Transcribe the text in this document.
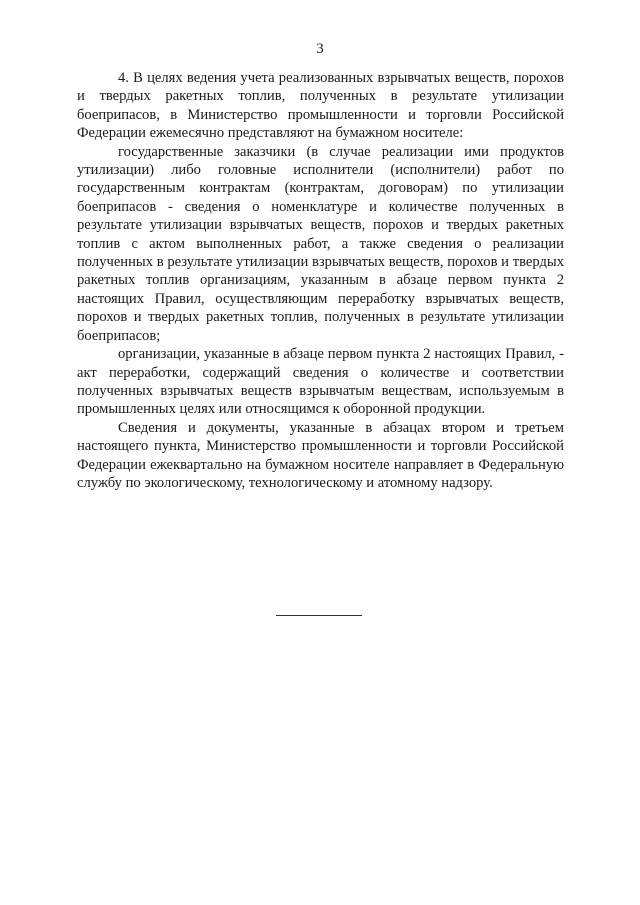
3

4. В целях ведения учета реализованных взрывчатых веществ, порохов и твердых ракетных топлив, полученных в результате утилизации боеприпасов, в Министерство промышленности и торговли Российской Федерации ежемесячно представляют на бумажном носителе:

государственные заказчики (в случае реализации ими продуктов утилизации) либо головные исполнители (исполнители) работ по государственным контрактам (контрактам, договорам) по утилизации боеприпасов - сведения о номенклатуре и количестве полученных в результате утилизации взрывчатых веществ, порохов и твердых ракетных топлив с актом выполненных работ, а также сведения о реализации полученных в результате утилизации взрывчатых веществ, порохов и твердых ракетных топлив организациям, указанным в абзаце первом пункта 2 настоящих Правил, осуществляющим переработку взрывчатых веществ, порохов и твердых ракетных топлив, полученных в результате утилизации боеприпасов;

организации, указанные в абзаце первом пункта 2 настоящих Правил, - акт переработки, содержащий сведения о количестве и соответствии полученных взрывчатых веществ взрывчатым веществам, используемым в промышленных целях или относящимся к оборонной продукции.

Сведения и документы, указанные в абзацах втором и третьем настоящего пункта, Министерство промышленности и торговли Российской Федерации ежеквартально на бумажном носителе направляет в Федеральную службу по экологическому, технологическому и атомному надзору.
